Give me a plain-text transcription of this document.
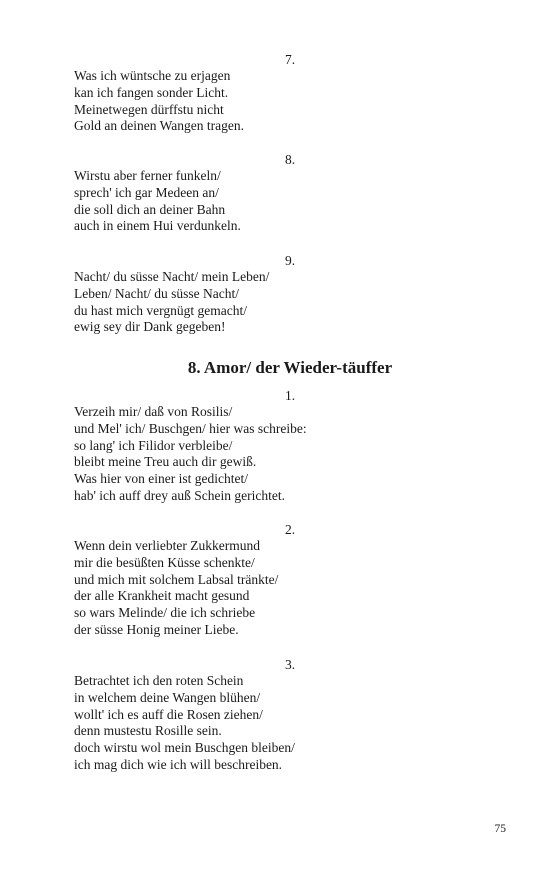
7.
Was ich wüntsche zu erjagen
kan ich fangen sonder Licht.
Meinetwegen dürffstu nicht
Gold an deinen Wangen tragen.
8.
Wirstu aber ferner funkeln/
sprech' ich gar Medeen an/
die soll dich an deiner Bahn
auch in einem Hui verdunkeln.
9.
Nacht/ du süsse Nacht/ mein Leben/
Leben/ Nacht/ du süsse Nacht/
du hast mich vergnügt gemacht/
ewig sey dir Dank gegeben!
8. Amor/ der Wieder-täuffer
1.
Verzeih mir/ daß von Rosilis/
und Mel' ich/ Buschgen/ hier was schreibe:
so lang' ich Filidor verbleibe/
bleibt meine Treu auch dir gewiß.
Was hier von einer ist gedichtet/
hab' ich auff drey auß Schein gerichtet.
2.
Wenn dein verliebter Zukkermund
mir die besüßten Küsse schenkte/
und mich mit solchem Labsal tränkte/
der alle Krankheit macht gesund
so wars Melinde/ die ich schriebe
der süsse Honig meiner Liebe.
3.
Betrachtet ich den roten Schein
in welchem deine Wangen blühen/
wollt' ich es auff die Rosen ziehen/
denn mustestu Rosille sein.
doch wirstu wol mein Buschgen bleiben/
ich mag dich wie ich will beschreiben.
75
